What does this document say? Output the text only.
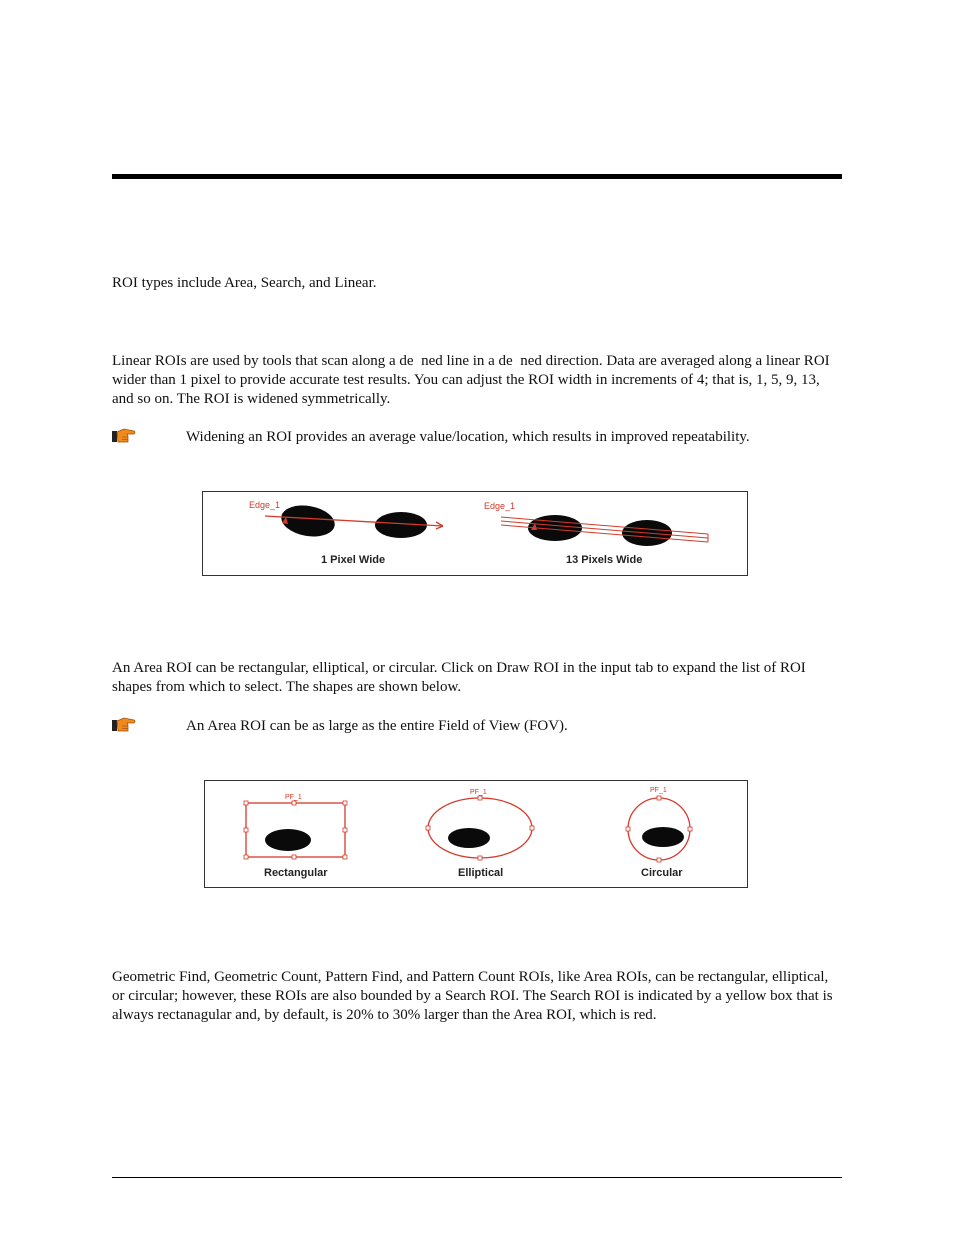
ROI types include Area, Search, and Linear.

Linear ROIs are used by tools that scan along a de  ned line in a de  ned direction. Data are averaged along a linear ROI wider than 1 pixel to provide accurate test results. You can adjust the ROI width in increments of 4; that is, 1, 5, 9, 13, and so on. The ROI is widened symmetrically.

Widening an ROI provides an average value/location, which results in improved repeatability.
Edge_1
1 Pixel Wide
Edge_1
13 Pixels Wide

An Area ROI can be rectangular, elliptical, or circular. Click on Draw ROI in the input tab to expand the list of ROI shapes from which to select. The shapes are shown below.

An Area ROI can be as large as the entire Field of View (FOV).
PF_1
Rectangular
PF_1
Elliptical
PF_1
Circular

Geometric Find, Geometric Count, Pattern Find, and Pattern Count ROIs, like Area ROIs, can be rectangular, elliptical, or circular; however, these ROIs are also bounded by a Search ROI. The Search ROI is indicated by a yellow box that is always rectanagular and, by default, is 20% to 30% larger than the Area ROI, which is red.
